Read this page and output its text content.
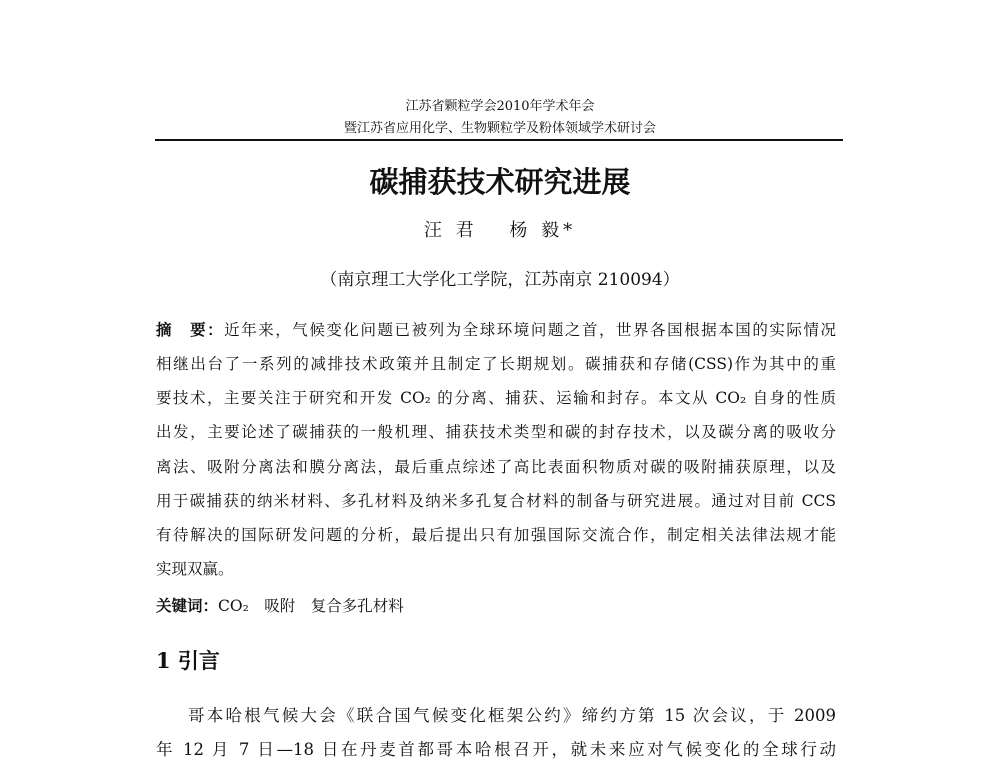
江苏省颗粒学会2010年学术年会
暨江苏省应用化学、生物颗粒学及粉体领域学术研讨会
碳捕获技术研究进展
汪 君　 杨 毅*
（南京理工大学化工学院，江苏南京 210094）
摘　要：近年来，气候变化问题已被列为全球环境问题之首，世界各国根据本国的实际情况
相继出台了一系列的减排技术政策并且制定了长期规划。碳捕获和存储(CSS)作为其中的重
要技术，主要关注于研究和开发 CO₂ 的分离、捕获、运输和封存。本文从 CO₂ 自身的性质
出发，主要论述了碳捕获的一般机理、捕获技术类型和碳的封存技术，以及碳分离的吸收分
离法、吸附分离法和膜分离法，最后重点综述了高比表面积物质对碳的吸附捕获原理，以及
用于碳捕获的纳米材料、多孔材料及纳米多孔复合材料的制备与研究进展。通过对目前 CCS
有待解决的国际研发问题的分析，最后提出只有加强国际交流合作，制定相关法律法规才能
实现双赢。
关键词：CO₂　吸附　复合多孔材料
1 引言
哥本哈根气候大会《联合国气候变化框架公约》缔约方第 15 次会议，于 2009
年 12 月 7 日—18 日在丹麦首都哥本哈根召开，就未来应对气候变化的全球行动
